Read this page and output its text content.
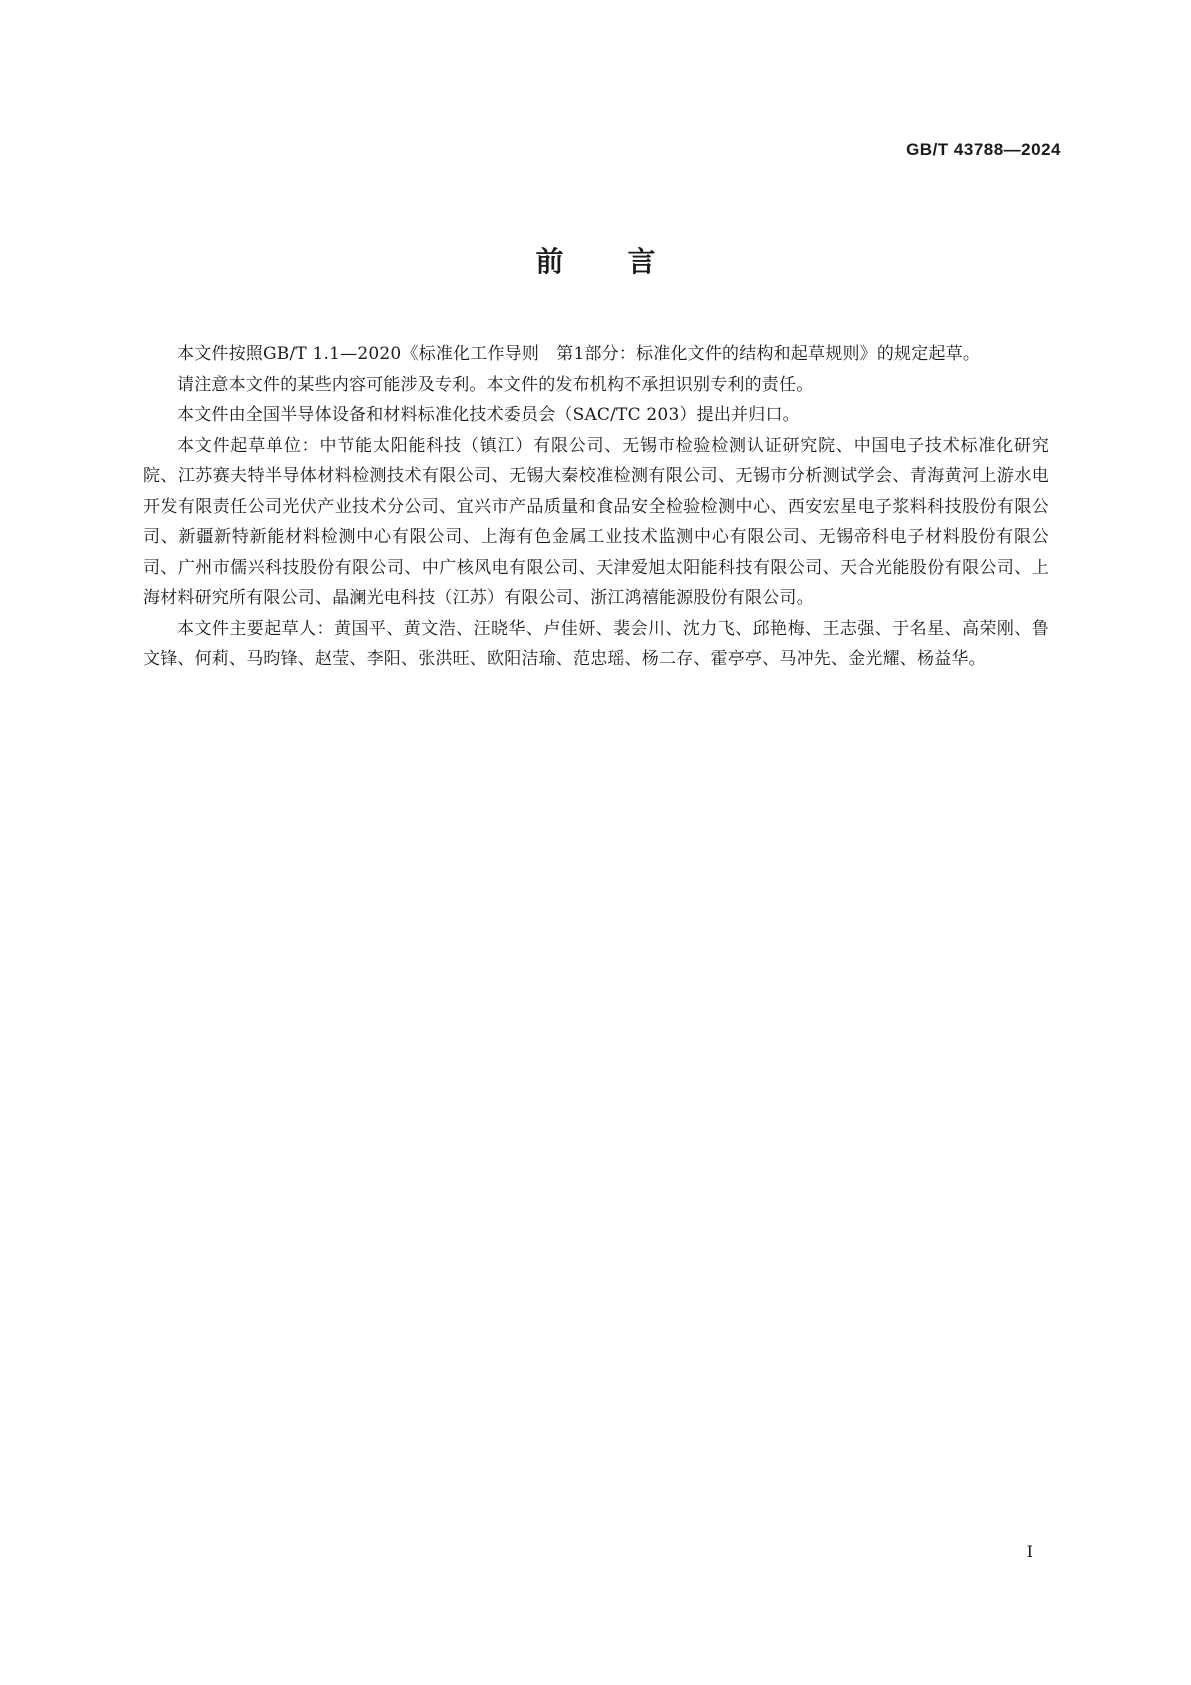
GB/T 43788—2024
前言

本文件按照GB/T 1.1—2020《标准化工作导则　第1部分：标准化文件的结构和起草规则》的规定起草。

请注意本文件的某些内容可能涉及专利。本文件的发布机构不承担识别专利的责任。

本文件由全国半导体设备和材料标准化技术委员会（SAC/TC 203）提出并归口。

本文件起草单位：中节能太阳能科技（镇江）有限公司、无锡市检验检测认证研究院、中国电子技术标准化研究院、江苏赛夫特半导体材料检测技术有限公司、无锡大秦校准检测有限公司、无锡市分析测试学会、青海黄河上游水电开发有限责任公司光伏产业技术分公司、宜兴市产品质量和食品安全检验检测中心、西安宏星电子浆料科技股份有限公司、新疆新特新能材料检测中心有限公司、上海有色金属工业技术监测中心有限公司、无锡帝科电子材料股份有限公司、广州市儒兴科技股份有限公司、中广核风电有限公司、天津爱旭太阳能科技有限公司、天合光能股份有限公司、上海材料研究所有限公司、晶澜光电科技（江苏）有限公司、浙江鸿禧能源股份有限公司。

本文件主要起草人：黄国平、黄文浩、汪晓华、卢佳妍、裴会川、沈力飞、邱艳梅、王志强、于名星、高荣刚、鲁文锋、何莉、马昀锋、赵莹、李阳、张洪旺、欧阳洁瑜、范忠瑶、杨二存、霍亭亭、马冲先、金光耀、杨益华。

I
